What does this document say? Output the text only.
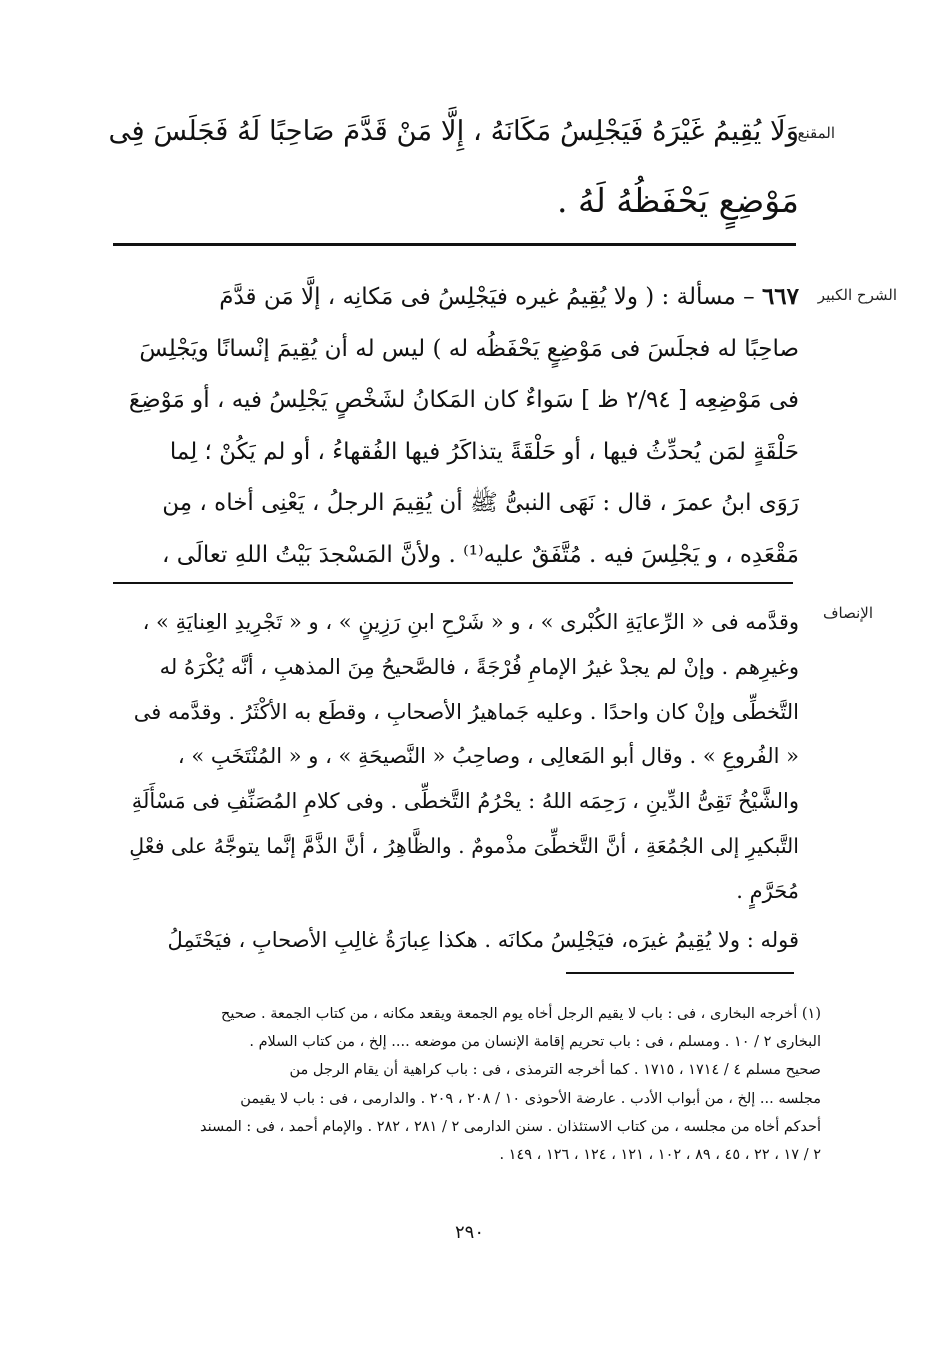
المقنع
وَلَا يُقِيمُ غَيْرَهُ فَيَجْلِسُ مَكَانَهُ ، إِلَّا مَنْ قَدَّمَ صَاحِبًا لَهُ فَجَلَسَ فِى
مَوْضِعٍ يَحْفَظُهُ لَهُ .
الشرح الكبير
٦٦٧ – مسألة : ( ولا يُقِيمُ غيره فيَجْلِسُ فى مَكانِه ، إلَّا مَن قدَّمَ
صاحِبًا له فجلَسَ فى مَوْضِعٍ يَحْفَظُه له ) ليس له أن يُقِيمَ إنْسانًا ويَجْلِسَ
فى مَوْضِعِه [ ٢/٩٤ ظ ] سَواءٌ كان المَكانُ لشَخْصٍ يَجْلِسُ فيه ، أو مَوْضِعَ
حَلْقَةٍ لمَن يُحدِّثُ فيها ، أو حَلْقَةً يتذاكَرُ فيها الفُقهاءُ ، أو لم يَكُنْ ؛ لِما
رَوَى ابنُ عمرَ ، قال : نَهَى النبىُّ ﷺ أن يُقِيمَ الرجلُ ، يَعْنِى أخاه ، مِن
مَقْعَدِه ، و يَجْلِسَ فيه . مُتَّفَقٌ عليه⁽¹⁾ . ولأنَّ المَسْجدَ بَيْتُ اللهِ تعالَى ،
الإنصاف
وقدَّمه فى « الرِّعايَةِ الكُبْرى » ، و « شَرْحِ ابنِ رَزِينٍ » ، و « تَجْرِيدِ العِنايَةِ » ،
وغيرِهم . وإنْ لم يجدْ غيرُ الإمامِ فُرْجَةً ، فالصَّحيحُ مِنَ المذهبِ ، أنَّه يُكْرَهُ له
التَّخطِّى وإنْ كان واحدًا . وعليه جَماهيرُ الأصحابِ ، وقطَع به الأكْثَرُ . وقدَّمه فى
« الفُروعِ » . وقال أبو المَعالِى ، وصاحِبُ « النَّصيحَةِ » ، و « المُنْتَخَبِ » ،
والشَّيْخُ تَقِىُّ الدِّينِ ، رَحِمَه اللهُ : يحْرُمُ التَّخطِّى . وفى كلامِ المُصَنِّفِ فى مَسْأَلَةِ
التَّبكيرِ إلى الجُمُعَةِ ، أنَّ التَّخطِّىَ مذْمومٌ . والظَّاهِرُ ، أنَّ الذَّمَّ إنَّما يتوجَّهُ على فعْلِ
مُحَرَّمٍ .
قوله : ولا يُقِيمُ غيرَه، فيَجْلِسُ مكانَه . هكذا عِبارَةُ غالِبِ الأصحابِ ، فيَحْتَمِلُ
(١) أخرجه البخارى ، فى : باب لا يقيم الرجل أخاه يوم الجمعة ويقعد مكانه ، من كتاب الجمعة . صحيح
البخارى ٢ / ١٠ . ومسلم ، فى : باب تحريم إقامة الإنسان من موضعه .... إلخ ، من كتاب السلام .
صحيح مسلم ٤ / ١٧١٤ ، ١٧١٥ . كما أخرجه الترمذى ، فى : باب كراهية أن يقام الرجل من
مجلسه ... إلخ ، من أبواب الأدب . عارضة الأحوذى ١٠ / ٢٠٨ ، ٢٠٩ . والدارمى ، فى : باب لا يقيمن
أحدكم أخاه من مجلسه ، من كتاب الاستئذان . سنن الدارمى ٢ / ٢٨١ ، ٢٨٢ . والإمام أحمد ، فى : المسند
٢ / ١٧ ، ٢٢ ، ٤٥ ، ٨٩ ، ١٠٢ ، ١٢١ ، ١٢٤ ، ١٢٦ ، ١٤٩ .
٢٩٠
